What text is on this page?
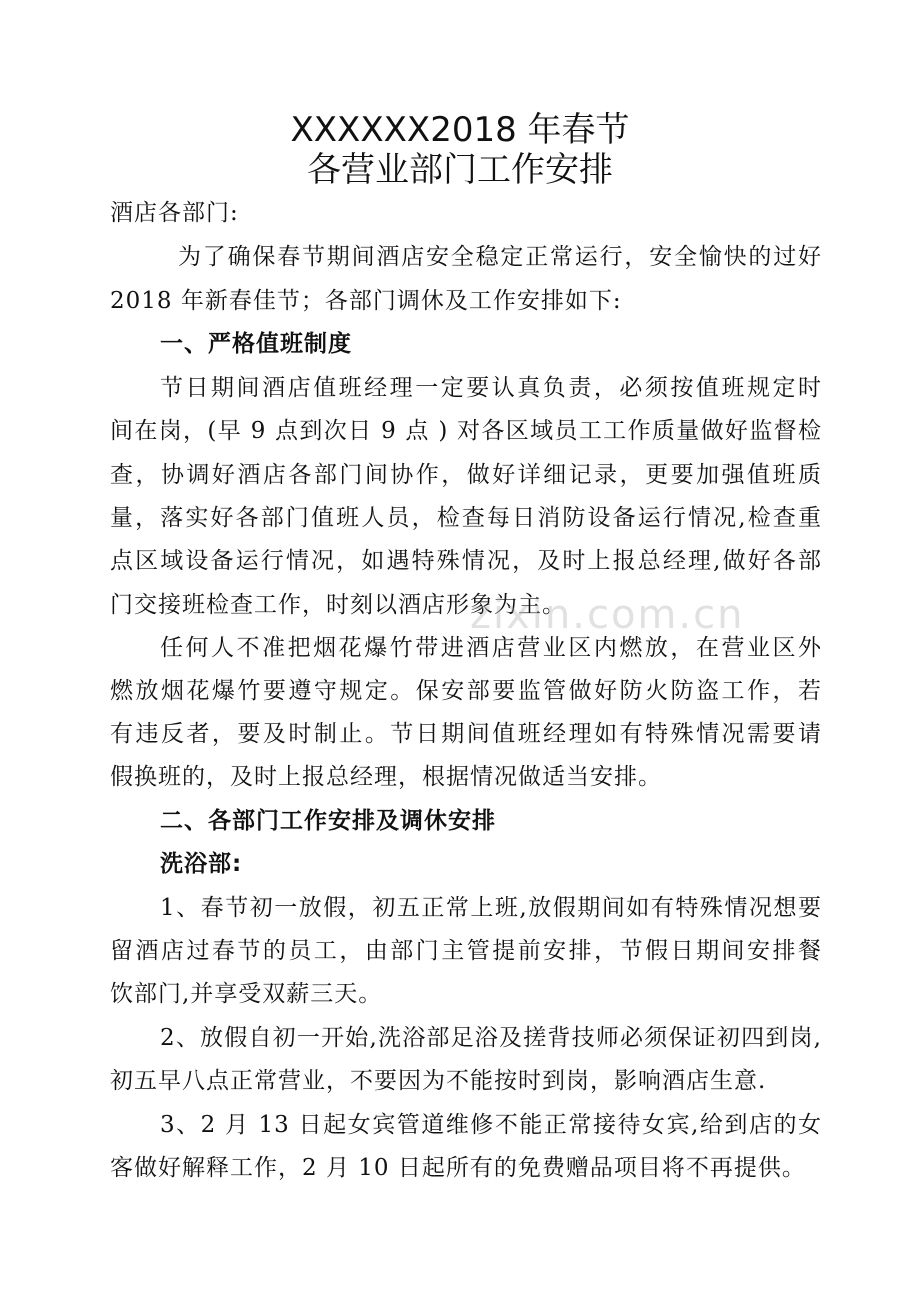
XXXXXX2018 年春节
各营业部门工作安排
酒店各部门:
为了确保春节期间酒店安全稳定正常运行，安全愉快的过好
2018 年新春佳节；各部门调休及工作安排如下:
一、严格值班制度
节日期间酒店值班经理一定要认真负责，必须按值班规定时
间在岗，(早 9 点到次日 9 点 ) 对各区域员工工作质量做好监督检
查，协调好酒店各部门间协作，做好详细记录，更要加强值班质
量，落实好各部门值班人员，检查每日消防设备运行情况,检查重
点区域设备运行情况，如遇特殊情况，及时上报总经理,做好各部
门交接班检查工作，时刻以酒店形象为主。
zixin.com.cn
任何人不准把烟花爆竹带进酒店营业区内燃放，在营业区外
燃放烟花爆竹要遵守规定。保安部要监管做好防火防盗工作，若
有违反者，要及时制止。节日期间值班经理如有特殊情况需要请
假换班的，及时上报总经理，根据情况做适当安排。
二、各部门工作安排及调休安排
洗浴部:
1、春节初一放假，初五正常上班,放假期间如有特殊情况想要
留酒店过春节的员工，由部门主管提前安排，节假日期间安排餐
饮部门,并享受双薪三天。
2、放假自初一开始,洗浴部足浴及搓背技师必须保证初四到岗,
初五早八点正常营业，不要因为不能按时到岗，影响酒店生意.
3、2 月 13 日起女宾管道维修不能正常接待女宾,给到店的女
客做好解释工作，2 月 10 日起所有的免费赠品项目将不再提供。
